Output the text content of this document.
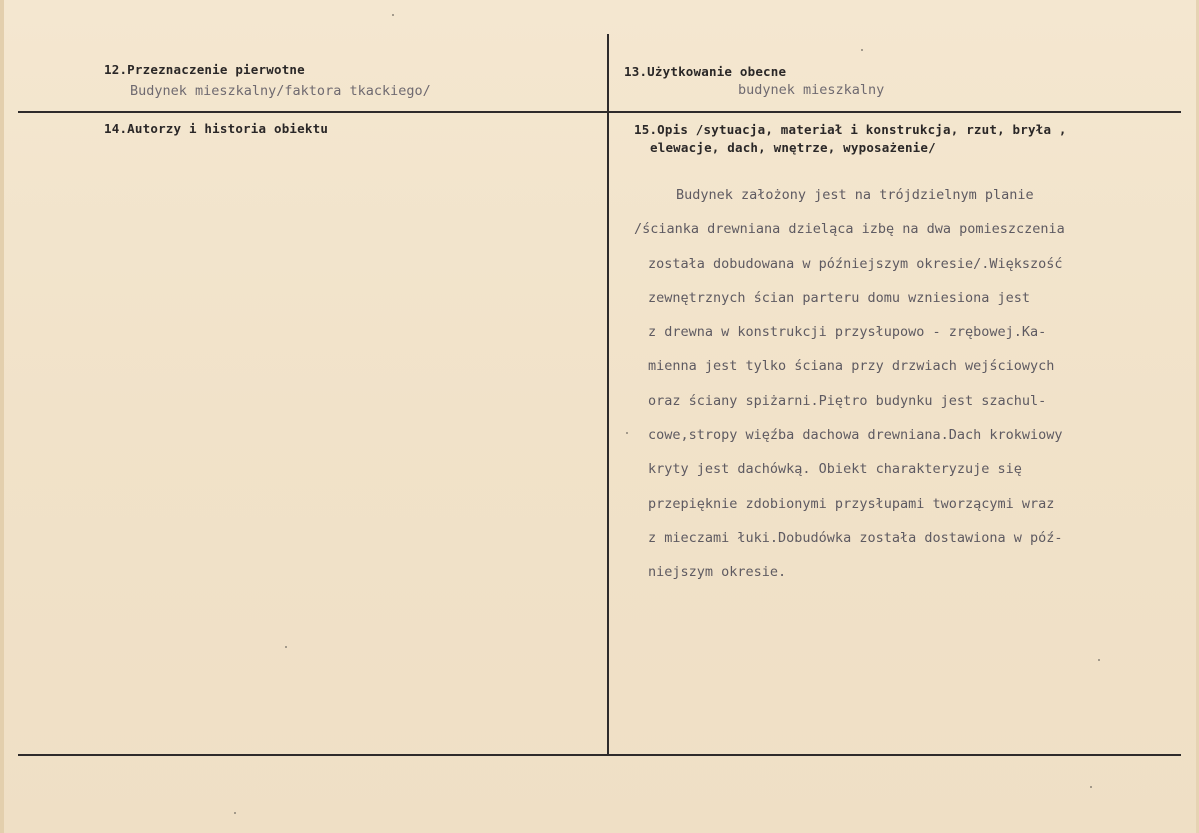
12.Przeznaczenie pierwotne
Budynek mieszkalny/faktora tkackiego/
13.Użytkowanie obecne
budynek mieszkalny
14.Autorzy i historia obiektu	15.Opis /sytuacja, materiał i konstrukcja, rzut, bryła ,
elewacje, dach, wnętrze, wyposażenie/
Budynek założony jest na trójdzielnym planie
/ścianka drewniana dzieląca izbę na dwa pomieszczenia
została dobudowana w późniejszym okresie/.Większość
zewnętrznych ścian parteru domu wzniesiona jest
z drewna w konstrukcji przysłupowo - zrębowej.Ka-
mienna jest tylko ściana przy drzwiach wejściowych
oraz ściany spiżarni.Piętro budynku jest szachul-
cowe,stropy więźba dachowa drewniana.Dach krokwiowy
kryty jest dachówką. Obiekt charakteryzuje się
przepięknie zdobionymi przysłupami tworzącymi wraz
z mieczami łuki.Dobudówka została dostawiona w póź-
niejszym okresie.
